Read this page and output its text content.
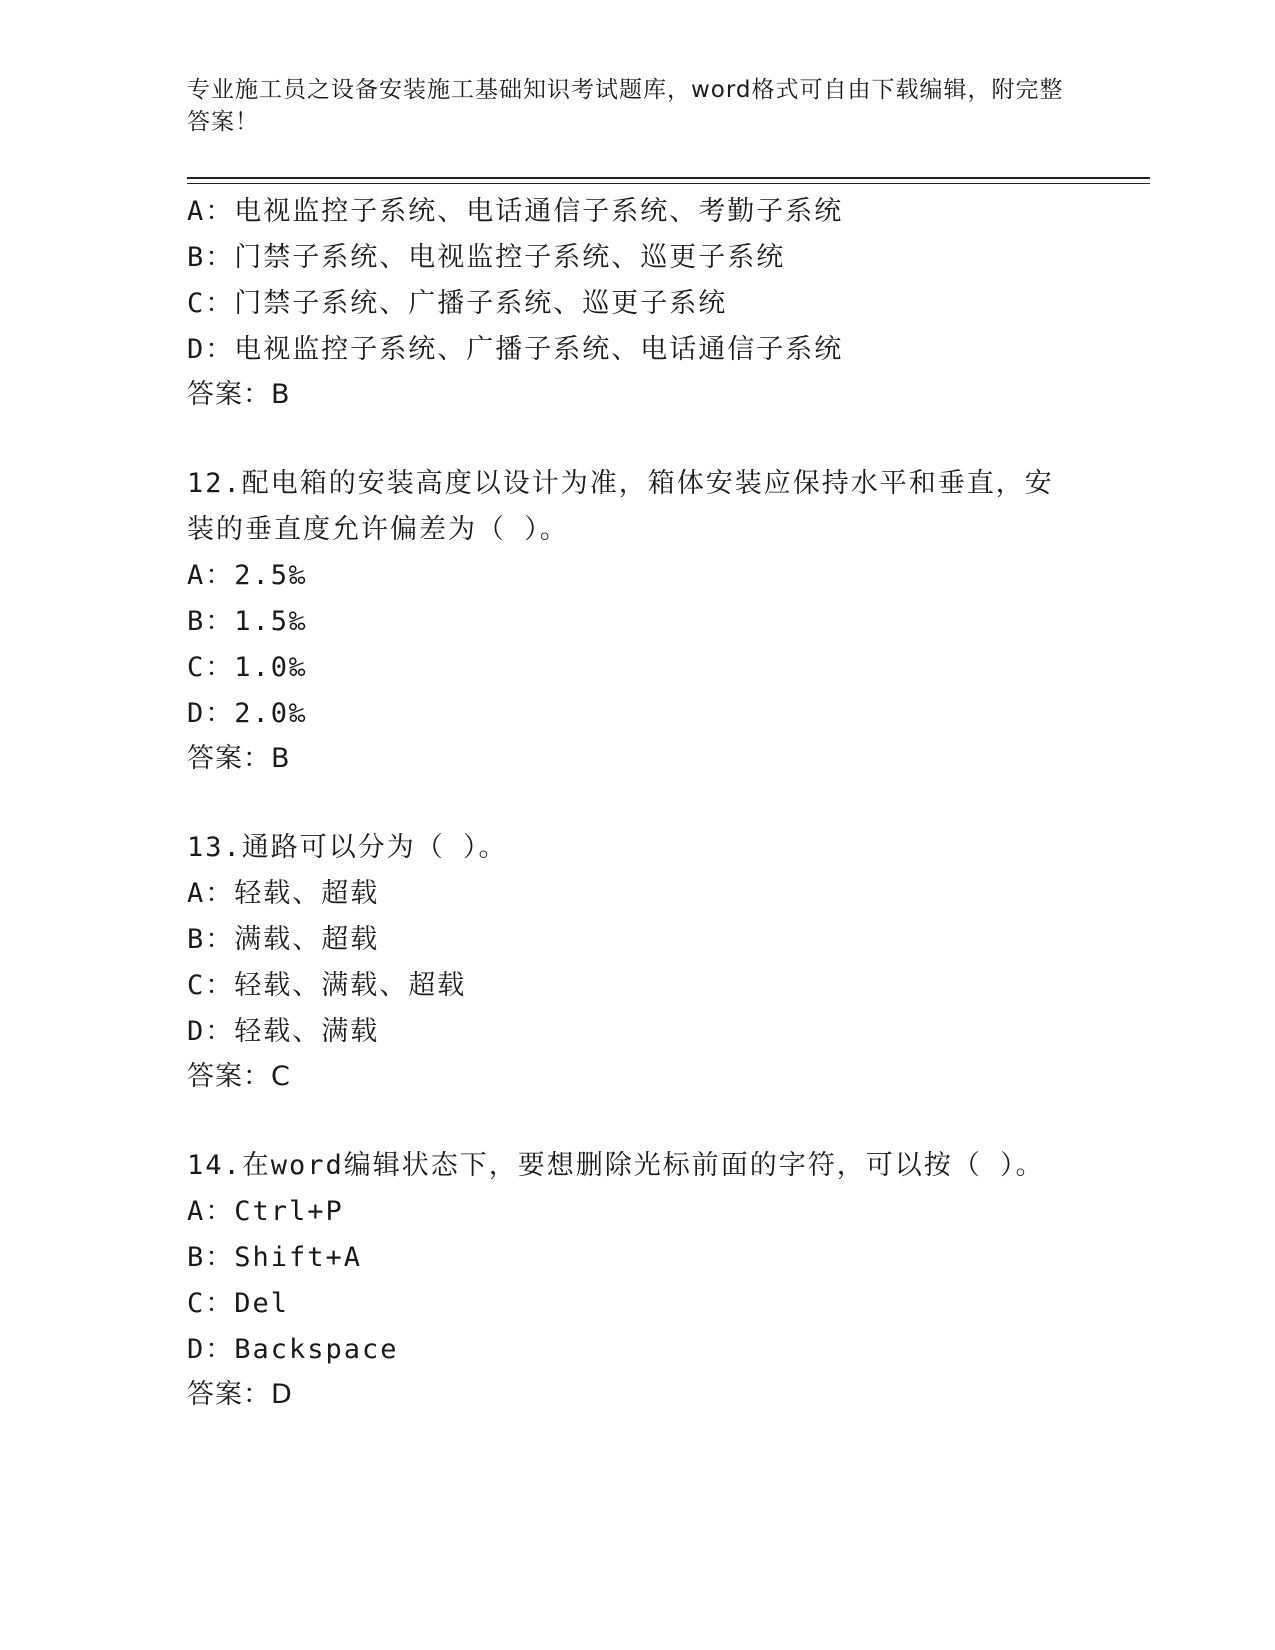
专业施工员之设备安装施工基础知识考试题库，word格式可自由下载编辑，附完整答案！
A：电视监控子系统、电话通信子系统、考勤子系统
B：门禁子系统、电视监控子系统、巡更子系统
C：门禁子系统、广播子系统、巡更子系统
D：电视监控子系统、广播子系统、电话通信子系统
答案：B
12.配电箱的安装高度以设计为准，箱体安装应保持水平和垂直，安装的垂直度允许偏差为（ ）。
A：2.5‰
B：1.5‰
C：1.0‰
D：2.0‰
答案：B
13.通路可以分为（ ）。
A：轻载、超载
B：满载、超载
C：轻载、满载、超载
D：轻载、满载
答案：C
14.在word编辑状态下，要想删除光标前面的字符，可以按（ ）。
A：Ctrl+P
B：Shift+A
C：Del
D：Backspace
答案：D
